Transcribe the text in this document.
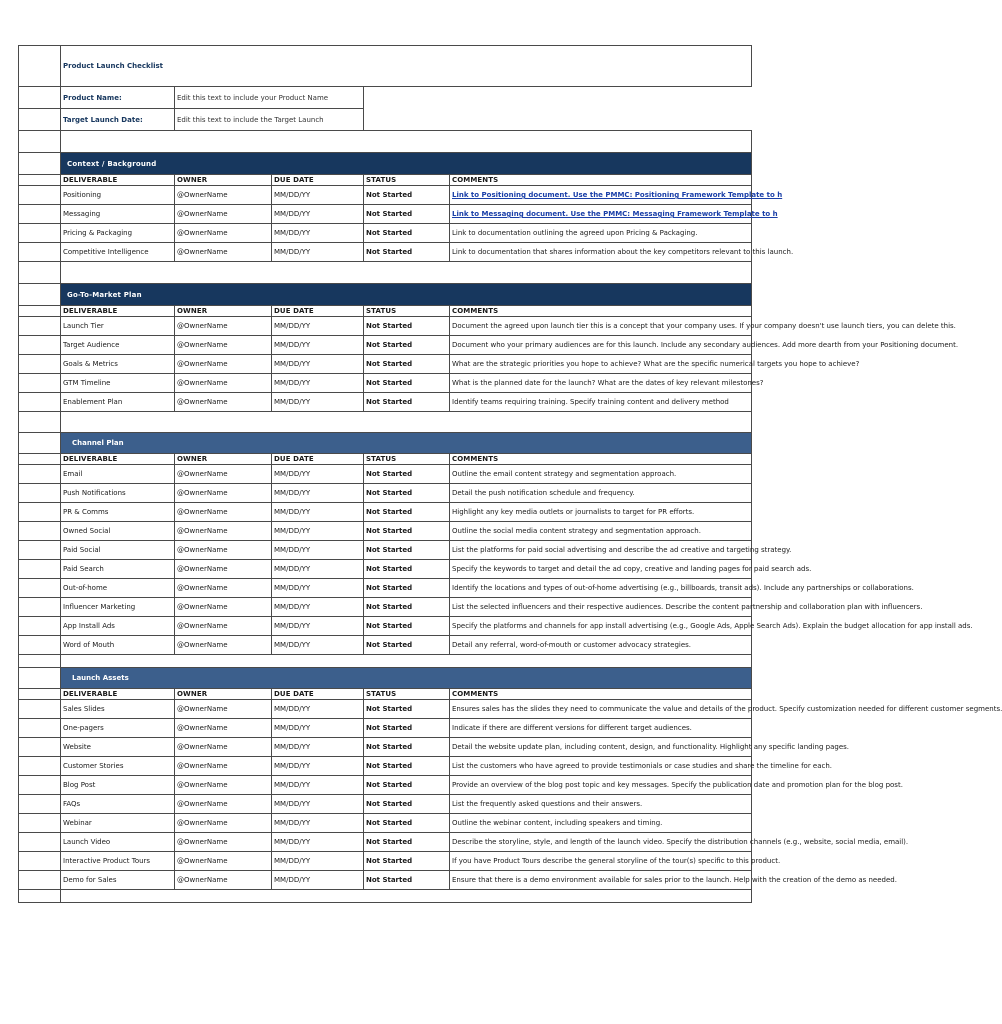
	Product Launch Checklist				
	Product Name:	Edit this text to include your Product Name			
	Target Launch Date:	Edit this text to include the Target Launch			

	Context / Background				
	DELIVERABLE	OWNER	DUE DATE	STATUS	COMMENTS
	Positioning	@OwnerName	MM/DD/YY	Not Started	Link to Positioning document. Use the PMMC: Positioning Framework Template to h
	Messaging	@OwnerName	MM/DD/YY	Not Started	Link to Messaging document. Use the PMMC: Messaging Framework Template to h
	Pricing & Packaging	@OwnerName	MM/DD/YY	Not Started	Link to documentation outlining the agreed upon Pricing & Packaging.
	Competitive Intelligence	@OwnerName	MM/DD/YY	Not Started	Link to documentation that shares information about the key competitors relevant to this launch.

	Go-To-Market Plan				
	DELIVERABLE	OWNER	DUE DATE	STATUS	COMMENTS
	Launch Tier	@OwnerName	MM/DD/YY	Not Started	Document the agreed upon launch tier this is a concept that your company uses. If your company doesn't use launch tiers, you can delete this.
	Target Audience	@OwnerName	MM/DD/YY	Not Started	Document who your primary audiences are for this launch. Include any secondary audiences. Add more dearth from your Positioning document.
	Goals & Metrics	@OwnerName	MM/DD/YY	Not Started	What are the strategic priorities you hope to achieve? What are the specific numerical targets you hope to achieve?
	GTM Timeline	@OwnerName	MM/DD/YY	Not Started	What is the planned date for the launch? What are the dates of key relevant milestones?
	Enablement Plan	@OwnerName	MM/DD/YY	Not Started	Identify teams requiring training. Specify training content and delivery method

	Channel Plan				
	DELIVERABLE	OWNER	DUE DATE	STATUS	COMMENTS
	Email	@OwnerName	MM/DD/YY	Not Started	Outline the email content strategy and segmentation approach.
	Push Notifications	@OwnerName	MM/DD/YY	Not Started	Detail the push notification schedule and frequency.
	PR & Comms	@OwnerName	MM/DD/YY	Not Started	Highlight any key media outlets or journalists to target for PR efforts.
	Owned Social	@OwnerName	MM/DD/YY	Not Started	Outline the social media content strategy and segmentation approach.
	Paid Social	@OwnerName	MM/DD/YY	Not Started	List the platforms for paid social advertising and describe the ad creative and targeting strategy.
	Paid Search	@OwnerName	MM/DD/YY	Not Started	Specify the keywords to target and detail the ad copy, creative and landing pages for paid search ads.
	Out-of-home	@OwnerName	MM/DD/YY	Not Started	Identify the locations and types of out-of-home advertising (e.g., billboards, transit ads). Include any partnerships or collaborations.
	Influencer Marketing	@OwnerName	MM/DD/YY	Not Started	List the selected influencers and their respective audiences. Describe the content partnership and collaboration plan with influencers.
	App Install Ads	@OwnerName	MM/DD/YY	Not Started	Specify the platforms and channels for app install advertising (e.g., Google Ads, Apple Search Ads). Explain the budget allocation for app install ads.
	Word of Mouth	@OwnerName	MM/DD/YY	Not Started	Detail any referral, word-of-mouth or customer advocacy strategies.

	Launch Assets				
	DELIVERABLE	OWNER	DUE DATE	STATUS	COMMENTS
	Sales Slides	@OwnerName	MM/DD/YY	Not Started	Ensures sales has the slides they need to communicate the value and details of the product. Specify customization needed for different customer segments.
	One-pagers	@OwnerName	MM/DD/YY	Not Started	Indicate if there are different versions for different target audiences.
	Website	@OwnerName	MM/DD/YY	Not Started	Detail the website update plan, including content, design, and functionality. Highlight any specific landing pages.
	Customer Stories	@OwnerName	MM/DD/YY	Not Started	List the customers who have agreed to provide testimonials or case studies and share the timeline for each.
	Blog Post	@OwnerName	MM/DD/YY	Not Started	Provide an overview of the blog post topic and key messages. Specify the publication date and promotion plan for the blog post.
	FAQs	@OwnerName	MM/DD/YY	Not Started	List the frequently asked questions and their answers.
	Webinar	@OwnerName	MM/DD/YY	Not Started	Outline the webinar content, including speakers and timing.
	Launch Video	@OwnerName	MM/DD/YY	Not Started	Describe the storyline, style, and length of the launch video. Specify the distribution channels (e.g., website, social media, email).
	Interactive Product Tours	@OwnerName	MM/DD/YY	Not Started	If you have Product Tours describe the general storyline of the tour(s) specific to this product.
	Demo for Sales	@OwnerName	MM/DD/YY	Not Started	Ensure that there is a demo environment available for sales prior to the launch. Help with the creation of the demo as needed.
